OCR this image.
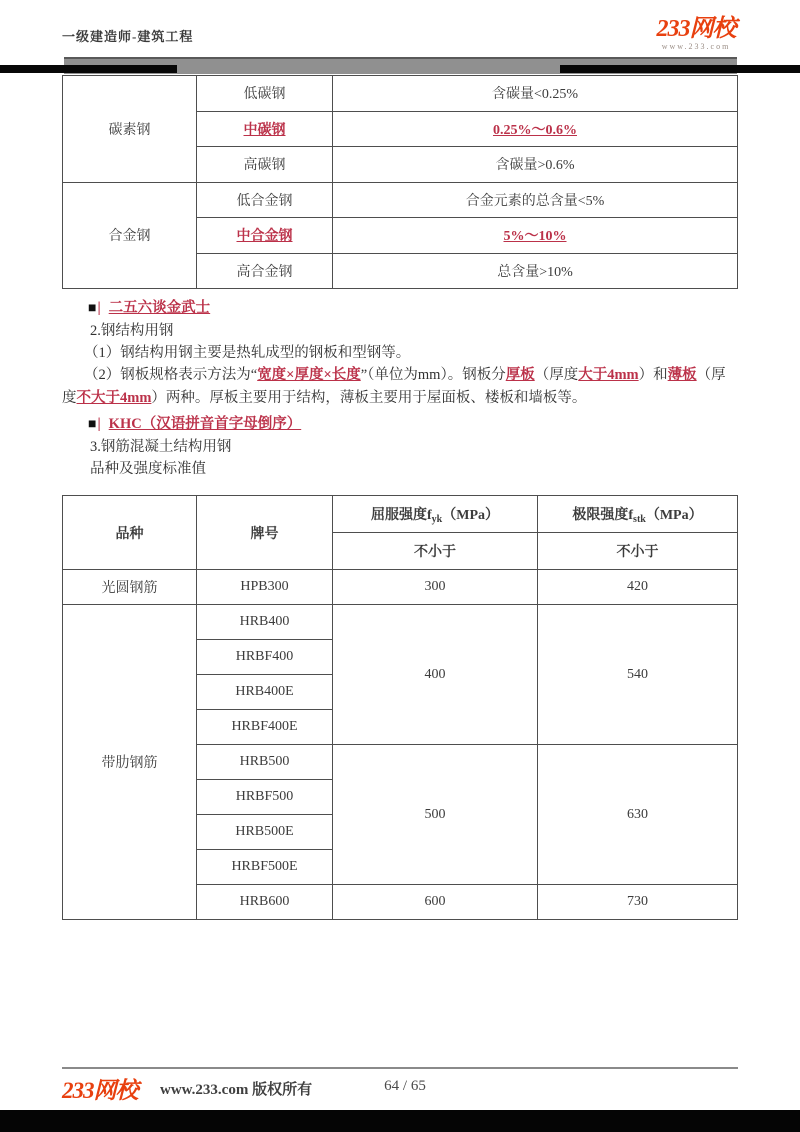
一级建造师-建筑工程	233网校
www.233.com
碳素钢	低碳钢	含碳量<0.25%
	中碳钢	0.25%～0.6%
	高碳钢	含碳量>0.6%
合金钢	低合金钢	合金元素的总含量<5%
	中合金钢	5%～10%
	高合金钢	总含量>10%
■| 二五六谈金武士
2.钢结构用钢
（1）钢结构用钢主要是热轧成型的钢板和型钢等。

（2）钢板规格表示方法为“宽度×厚度×长度”（单位为mm）。钢板分厚板（厚度大于4mm）和薄板（厚度不大于4mm）两种。厚板主要用于结构，薄板主要用于屋面板、楼板和墙板等。

■| KHC（汉语拼音首字母倒序）
3.钢筋混凝土结构用钢
品种及强度标准值
品种	牌号	屈服强度$f_{yk}(MPa)$	极限强度$f_{stk}(MPa)$
		不小于	不小于
光圆钢筋	HPB300	300	420
带肋钢筋	HRB400	400	540
	HRBF400		
	HRB400E		
	HRBF400E		
	HRB500	500	630
	HRBF500		
	HRB500E		
	HRBF500E		
	HRB600	600	730
233网校 www.233.com 版权所有	64 / 65
